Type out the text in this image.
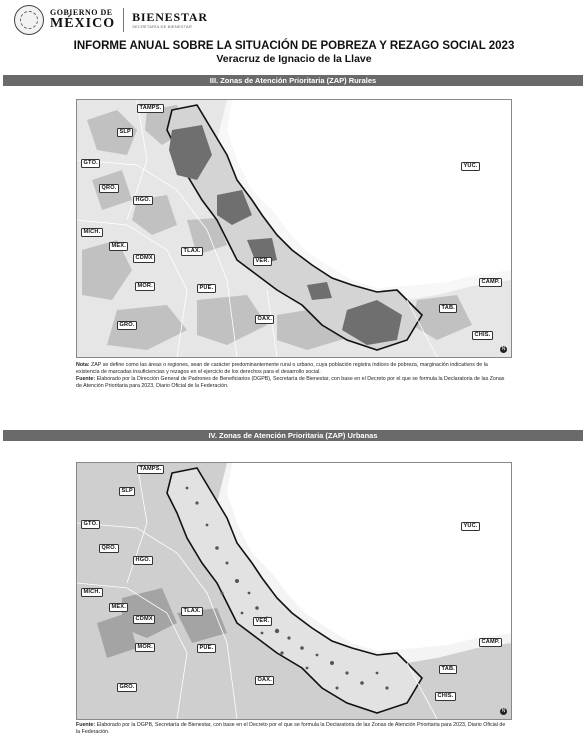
GOBIERNO DE
MÉXICO BIENESTAR
SECRETARÍA DE BIENESTAR
INFORME ANUAL SOBRE LA SITUACIÓN DE POBREZA Y REZAGO SOCIAL 2023
Veracruz de Ignacio de la Llave
III. Zonas de Atención Prioritaria (ZAP) Rurales
TAMPS.
SLP
GTO.
QRO.
HGO.
MICH.
MEX.
TLAX.
CDMX
PUE.
MOR.
VER.
GRO.
OAX.
TAB.
YUC.
CAMP.
CHIS.
N
Nota: ZAP se define como las áreas o regiones, sean de carácter predominantemente rural o urbano, cuya población registra índices de pobreza, marginación indicativos de la existencia de marcadas insuficiencias y rezagos en el ejercicio de los derechos para el desarrollo social.
Fuente: Elaborado por la Dirección General de Padrones de Beneficiarios (DGPB), Secretaría de Bienestar, con base en el Decreto por el que se formula la Declaratoria de las Zonas de Atención Prioritaria para 2023, Diario Oficial de la Federación.
IV. Zonas de Atención Prioritaria (ZAP) Urbanas
TAMPS.
SLP
GTO.
QRO.
HGO.
MICH.
MEX.
TLAX.
CDMX
PUE.
MOR.
VER.
GRO.
OAX.
TAB.
YUC.
CAMP.
CHIS.
N
Fuente: Elaborado por la DGPB, Secretaría de Bienestar, con base en el Decreto por el que se formula la Declaratoria de las Zonas de Atención Prioritaria para 2023, Diario Oficial de la Federación.
